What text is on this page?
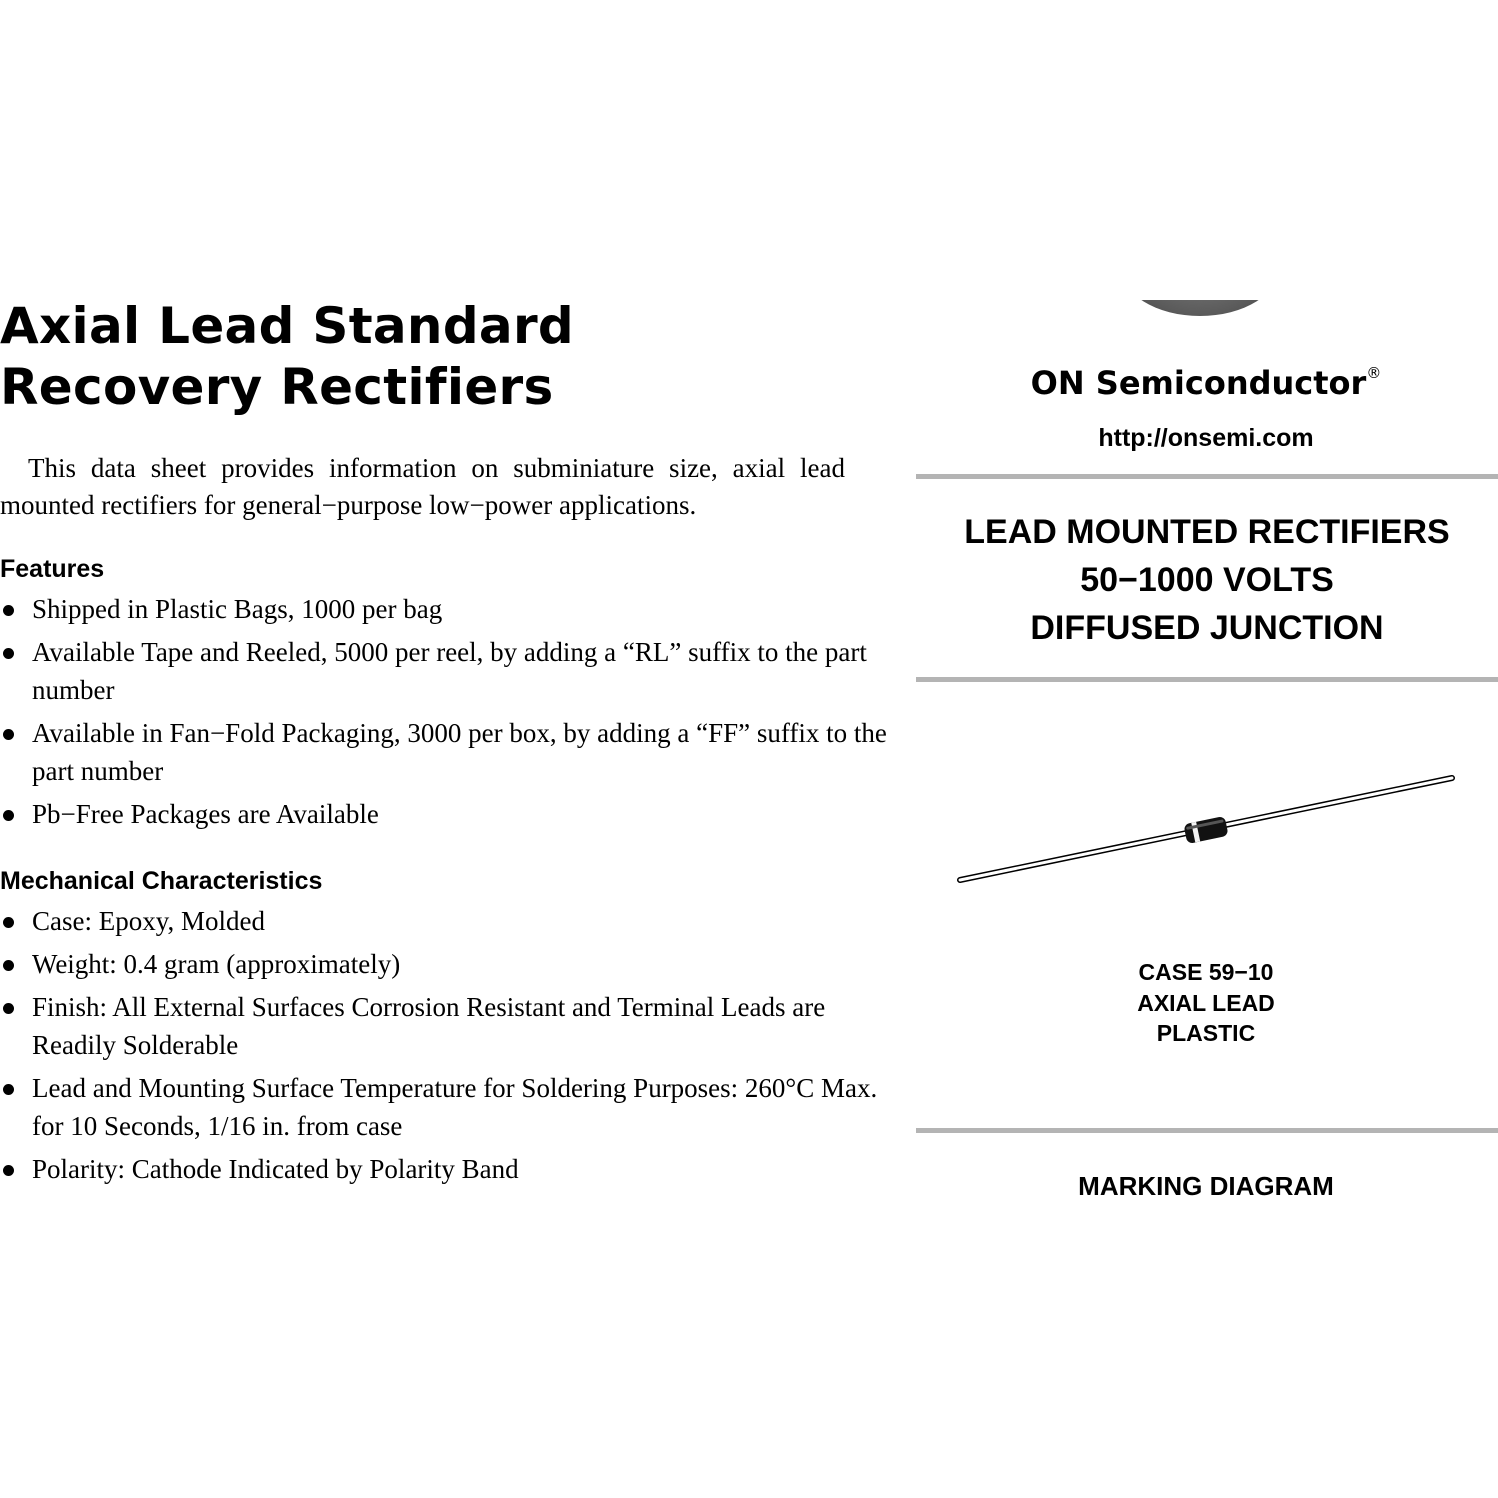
Axial Lead Standard
Recovery Rectifiers

This data sheet provides information on subminiature size, axial lead mounted rectifiers for general−purpose low−power applications.

Features
Shipped in Plastic Bags, 1000 per bag
Available Tape and Reeled, 5000 per reel, by adding a “RL” suffix to the part number
Available in Fan−Fold Packaging, 3000 per box, by adding a “FF” suffix to the part number
Pb−Free Packages are Available
Mechanical Characteristics
Case: Epoxy, Molded
Weight: 0.4 gram (approximately)
Finish: All External Surfaces Corrosion Resistant and Terminal Leads are Readily Solderable
Lead and Mounting Surface Temperature for Soldering Purposes: 260°C Max. for 10 Seconds, 1/16 in. from case
Polarity: Cathode Indicated by Polarity Band
ON Semiconductor®
http://onsemi.com
LEAD MOUNTED RECTIFIERS
50−1000 VOLTS
DIFFUSED JUNCTION
CASE 59−10
AXIAL LEAD
PLASTIC
MARKING DIAGRAM
